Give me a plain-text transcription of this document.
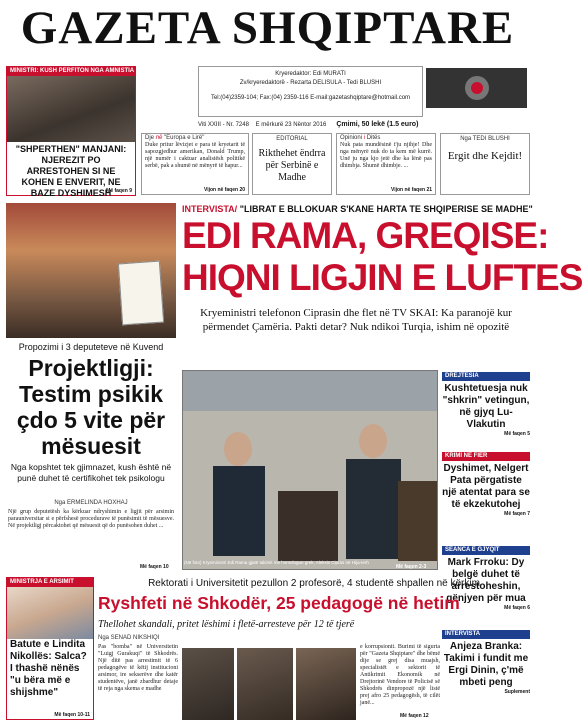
GAZETA SHQIPTARE
MINISTRI: KUSH PERFITON NGA AMNISTIA
"SHPERTHEN" MANJANI: NJEREZIT PO ARRESTOHEN SI NE KOHEN E ENVERIT, NE BAZE DYSHIMESH
Më faqen 9
Kryeredaktor: Edi MURATI
Zv/kryeredaktorë - Rezarta DELISULA - Tedi BLUSHI
Tel:(04)2359-104; Fax:(04) 2359-116 E-mail:gazetashqiptare@hotmail.com
Viti XXIII - Nr. 7248 E mërkurë 23 Nëntor 2016 Çmimi, 50 lekë (1.5 euro)
Dje në "Europa e Lirë"
Duke pritur lëvizjet e para të kryetarit të sapozgjedhur amerikan, Donald Trump, një numër i caktuar analistësh politikë serbë, pak a shumë në mënyrë të hapur...
Vijon në faqen 20
EDITORIAL
Rikthehet ëndrra për Serbinë e Madhe
Opinioni i Ditës
Nuk pata mundësinë t'ju njihje! Dhe nga mënyrë nuk do ta kem më kurrë. Unë ju nga kjo jetë dhe ka lënë pas dhimbja. Shumë dhimbje. ...
Vijon në faqen 21
Nga TEDI BLUSHI
Ergit dhe Kejdit!
Propozimi i 3 deputeteve në Kuvend
Projektligji: Testim psikik çdo 5 vite për mësuesit
Nga kopshtet tek gjimnazet, kush është në punë duhet të certifikohet tek psikologu
Nga ERMELINDA HOXHAJ
Një grup deputetësh ka kërkuar ndryshimin e ligjit për arsimin parauniversitar si e përfshesë procedurave të punësimit të mësuesve. Në projektligj përcaktohet që mësuesit që do punësohen duhet ...
Më faqen 10
INTERVISTA/ "LIBRAT E BLLOKUAR S'KANE HARTA TE SHQIPERISE SE MADHE"
EDI RAMA, GREQISE:
HIQNI LIGJIN E LUFTES
Kryeministri telefonon Ciprasin dhe flet në TV SKAI: Ka paranojë kur përmendet Çamëria. Pakti detar? Nuk ndikoi Turqia, ishim në opozitë
(Në foto) Kryeministri Edi Rama gjatë takimit me homologun grek, Aleksis Cipras në Hija-Ierh
Më faqen 2-3
DREJTESIA
Kushtetuesja nuk "shkrin" vetingun, në gjyq Lu-Vlakutin
Më faqen 5
KRIMI NE FIER
Dyshimet, Nelgert Pata përgatiste një atentat para se të ekzekutohej
Më faqen 7
SEANCA E GJYQIT
Mark Frroku: Dy belgë duhet të arrestoheshin, gënjyen për mua
Më faqen 6
INTERVISTA
Anjeza Branka: Takimi i fundit me Ergi Dinin, ç'më mbeti peng
Suplement
MINISTRJA E ARSIMIT
Batute e Lindita Nikollës: Salca? I thashë nënës "u bëra më e shijshme"
Më faqen 10-11
Rektorati i Universitetit pezullon 2 profesorë, 4 studentë shpallen në kërkim
Ryshfeti në Shkodër, 25 pedagogë në hetim
Thellohet skandali, pritet lëshimi i fletë-arresteve për 12 të tjerë
Nga SENAD NIKSHIQI
Pas "bomba" në Universitetin "Luigj Gurakuqi" të Shkodrës. Një ditë pas arrestimit të 6 pedagogëve të këtij institucioni arsimor, ire sekserëve dhe katër studentëve, janë zbardhur detaje të reja nga skema e madhe
e korrupsionit. Burimi të sigurta për "Gazeta Shqiptare" dhe bëmë dije se grej disa muajsh, specialistët e sektorit të Antikrimit Ekonomik në Drejtorinë Vendore të Policisë së Shkodrës dinpropozë një listë prej afro 25 pedagogësh, të cilët janë...
Më faqen 12
